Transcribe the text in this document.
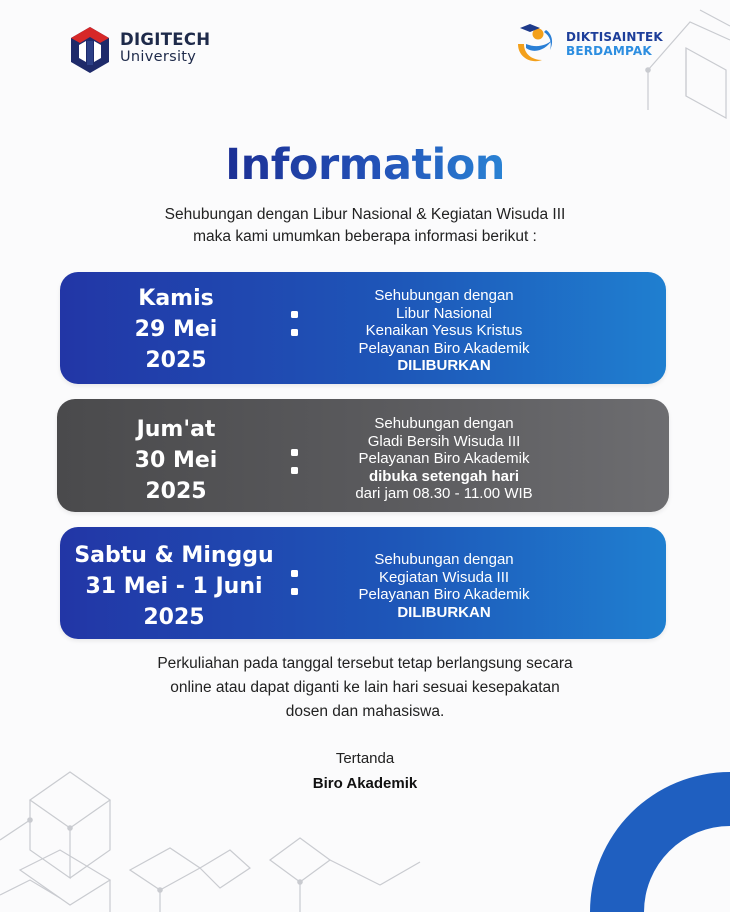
DIGITECH
University
DIKTISAINTEK
BERDAMPAK
Information
Sehubungan dengan Libur Nasional & Kegiatan Wisuda III
maka kami umumkan beberapa informasi berikut :
Kamis
29 Mei
2025
Sehubungan dengan
Libur Nasional
Kenaikan Yesus Kristus
Pelayanan Biro Akademik
DILIBURKAN
Jum'at
30 Mei
2025
Sehubungan dengan
Gladi Bersih Wisuda III
Pelayanan Biro Akademik
dibuka setengah hari
dari jam 08.30 - 11.00 WIB
Sabtu & Minggu
31 Mei - 1 Juni
2025
Sehubungan dengan
Kegiatan Wisuda III
Pelayanan Biro Akademik
DILIBURKAN
Perkuliahan pada tanggal tersebut tetap berlangsung secara
online atau dapat diganti ke lain hari sesuai kesepakatan
dosen dan mahasiswa.
Tertanda
Biro Akademik
